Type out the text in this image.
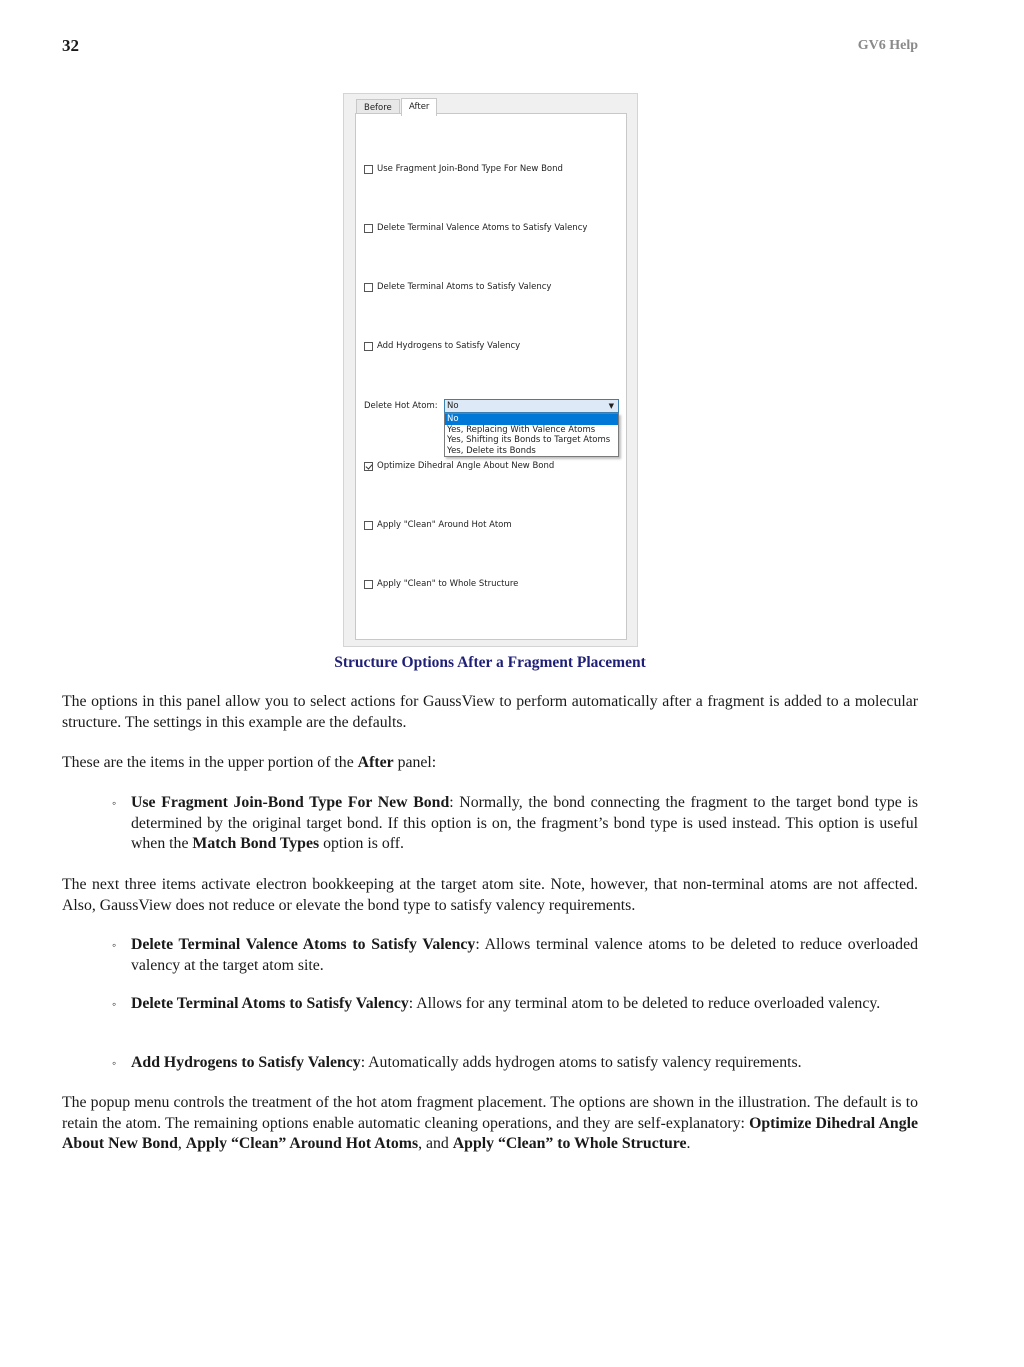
32	GV6 Help
Before	After
Use Fragment Join-Bond Type For New Bond
Delete Terminal Valence Atoms to Satisfy Valency
Delete Terminal Atoms to Satisfy Valency
Add Hydrogens to Satisfy Valency
Delete Hot Atom:	No	▼
No
Yes, Replacing With Valence Atoms
Yes, Shifting its Bonds to Target Atoms
Yes, Delete its Bonds
Optimize Dihedral Angle About New Bond
Apply "Clean" Around Hot Atom
Apply "Clean" to Whole Structure
Structure Options After a Fragment Placement

The options in this panel allow you to select actions for GaussView to perform automatically after a fragment is added to a molecular structure. The settings in this example are the defaults.

These are the items in the upper portion of the After panel:

◦ Use Fragment Join-Bond Type For New Bond: Normally, the bond connecting the fragment to the target bond type is determined by the original target bond. If this option is on, the fragment’s bond type is used instead. This option is useful when the Match Bond Types option is off.

The next three items activate electron bookkeeping at the target atom site. Note, however, that non-terminal atoms are not affected. Also, GaussView does not reduce or elevate the bond type to satisfy valency requirements.

◦ Delete Terminal Valence Atoms to Satisfy Valency: Allows terminal valence atoms to be deleted to reduce overloaded valency at the target atom site.

◦ Delete Terminal Atoms to Satisfy Valency: Allows for any terminal atom to be deleted to reduce overloaded valency.

◦ Add Hydrogens to Satisfy Valency: Automatically adds hydrogen atoms to satisfy valency requirements.

The popup menu controls the treatment of the hot atom fragment placement. The options are shown in the illustration. The default is to retain the atom. The remaining options enable automatic cleaning operations, and they are self-explanatory: Optimize Dihedral Angle About New Bond, Apply “Clean” Around Hot Atoms, and Apply “Clean” to Whole Structure.
